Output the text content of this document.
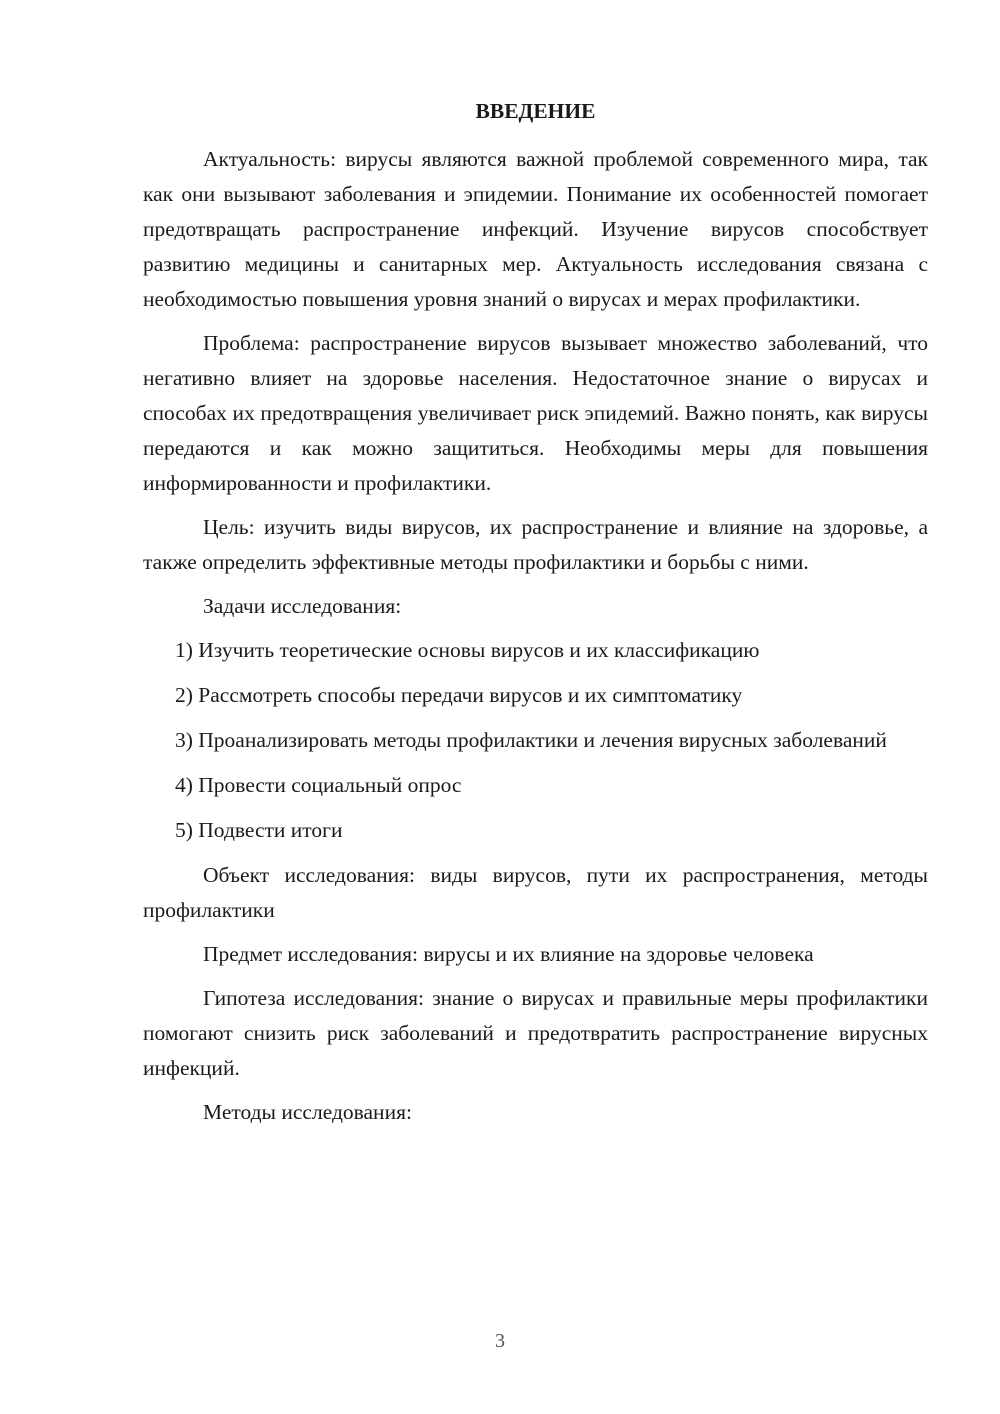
ВВЕДЕНИЕ

Актуальность: вирусы являются важной проблемой современного мира, так как они вызывают заболевания и эпидемии. Понимание их особенностей помогает предотвращать распространение инфекций. Изучение вирусов способствует развитию медицины и санитарных мер. Актуальность исследования связана с необходимостью повышения уровня знаний о вирусах и мерах профилактики.

Проблема: распространение вирусов вызывает множество заболеваний, что негативно влияет на здоровье населения. Недостаточное знание о вирусах и способах их предотвращения увеличивает риск эпидемий. Важно понять, как вирусы передаются и как можно защититься. Необходимы меры для повышения информированности и профилактики.

Цель: изучить виды вирусов, их распространение и влияние на здоровье, а также определить эффективные методы профилактики и борьбы с ними.

Задачи исследования:

1) Изучить теоретические основы вирусов и их классификацию

2) Рассмотреть способы передачи вирусов и их симптоматику

3) Проанализировать методы профилактики и лечения вирусных заболеваний

4) Провести социальный опрос

5) Подвести итоги

Объект исследования: виды вирусов, пути их распространения, методы профилактики

Предмет исследования: вирусы и их влияние на здоровье человека

Гипотеза исследования: знание о вирусах и правильные меры профилактики помогают снизить риск заболеваний и предотвратить распространение вирусных инфекций.

Методы исследования:

3
